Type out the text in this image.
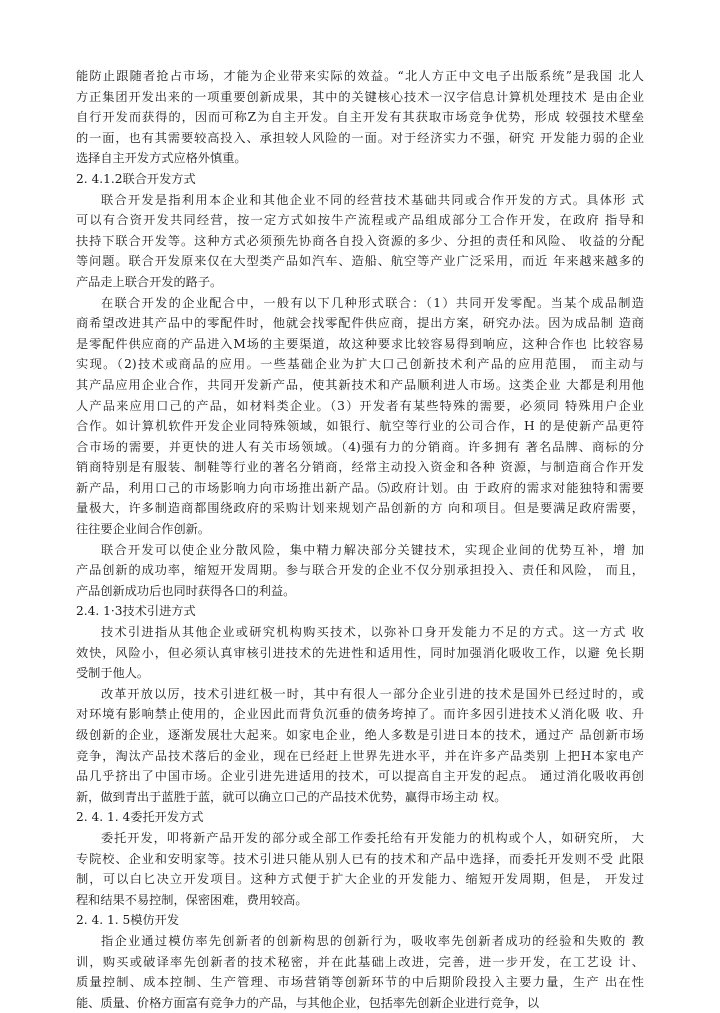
能防止跟随者抢占市场，才能为企业带来实际的效益。“北人方正中文电子出版系统”是我国 北人
方正集团开发出来的一项重要创新成果，其中的关键核心技术一汉字信息计算机处理技术 是由企业
自行开发而获得的，因而可称Z为自主开发。自主开发有其获取市场竞争优势，形成 较强技术壁垒
的一面，也有其需要较高投入、承担较人风险的一面。对于经济实力不强，研究 开发能力弱的企业
选择自主开发方式应格外慎重。
2. 4.1.2联合开发方式
联合开发是指利用本企业和其他企业不同的经营技术基础共同或合作开发的方式。具体形 式
可以有合资开发共同经营，按一定方式如按牛产流程或产品组成部分工合作开发，在政府 指导和
扶持下联合开发等。这种方式必须预先协商各自投入资源的多少、分担的责任和风险、 收益的分配
等问题。联合开发原来仅在大型类产品如汽车、造船、航空等产业广泛采用，而近 年来越来越多的
产品走上联合开发的路子。
在联合开发的企业配合中，一般有以下几种形式联合：（1）共同开发零配。当某个成品制造
商希望改进其产品中的零配件时，他就会找零配件供应商，提出方案，研究办法。因为成品制 造商
是零配件供应商的产品进入M场的主要渠道，故这种要求比较容易得到响应，这种合作也 比较容易
实现。（2)技术或商品的应用。一些基础企业为扩大口己创新技术利产品的应用范围， 而主动与
其产品应用企业合作，共同开发新产品，使其新技术和产品顺利进人市场。这类企业 大都是利用他
人产品来应用口己的产品，如材料类企业。（3）开发者有某些特殊的需要，必须同 特殊用户企业
合作。如计算机软件开发企业同特殊领域，如银行、航空等行业的公司合作，H 的是使新产品更符
合市场的需要，并更快的进人有关市场领域。（4)强有力的分销商。许多拥有 著名品牌、商标的分
销商特别是有服装、制鞋等行业的著名分销商，经常主动投入资金和各种 资源，与制造商合作开发
新产品，利用口己的市场影响力向市场推出新产品。⑸政府计划。由 于政府的需求对能独特和需要
量极大，许多制造商都围绕政府的采购计划来规划产品创新的方 向和项目。但是要满足政府需要，
往往要企业间合作创新。
联合开发可以使企业分散风险，集中精力解决部分关键技术，实现企业间的优势互补，增 加
产品创新的成功率，缩短开发周期。参与联合开发的企业不仅分别承担投入、责任和风险， 而且，
产品创新成功后也同时获得各口的利益。
2.4. 1·3技术引进方式
技术引进指从其他企业或研究机构购买技术，以弥补口身开发能力不足的方式。这一方式 收
效快，风险小，但必须认真审核引进技术的先进性和适用性，同时加强消化吸收工作，以避 免长期
受制于他人。
改革开放以厉，技术引进红极一时，其中有很人一部分企业引进的技术是国外已经过时的，或
对环境有影响禁止使用的，企业因此而背负沉垂的债务垮掉了。而许多因引进技术乂消化吸 收、升
级创新的企业，逐渐发展壮大起来。如家电企业，绝人多数是引进日本的技术，通过产 品创新市场
竞争，淘汰产品技术落后的金业，现在已经赶上世界先进水平，并在许多产品类别 上把H本家电产
品几乎挤出了中国市场。企业引进先进适用的技术，可以提高自主开发的起点。 通过消化吸收再创
新，做到青出于蓝胜于蓝，就可以确立口己的产品技术优势，赢得市场主动 权。
2. 4. 1. 4委托开发方式
委托开发，叩将新产品开发的部分或全部工作委托给有开发能力的机构或个人，如研究所， 大
专院校、企业和安明家等。技术引进只能从别人已有的技术和产品中选择，而委托开发则不受 此限
制，可以白匕决立开发项目。这种方式便于扩大企业的开发能力、缩短开发周期，但是， 开发过
程和结果不易控制，保密困难，费用较高。
2. 4. 1. 5模仿开发
指企业通过模仿率先创新者的创新构思的创新行为，吸收率先创新者成功的经验和失败的 教
训，购买或破译率先创新者的技术秘密，并在此基础上改进，完善，进一步开发，在工艺设 计、
质量控制、成本控制、生产管理、市场营销等创新环节的中后期阶段投入主要力量，生产 出在性
能、质量、价格方面富有竞争力的产品，与其他企业，包括率先创新企业进行竞争，以
